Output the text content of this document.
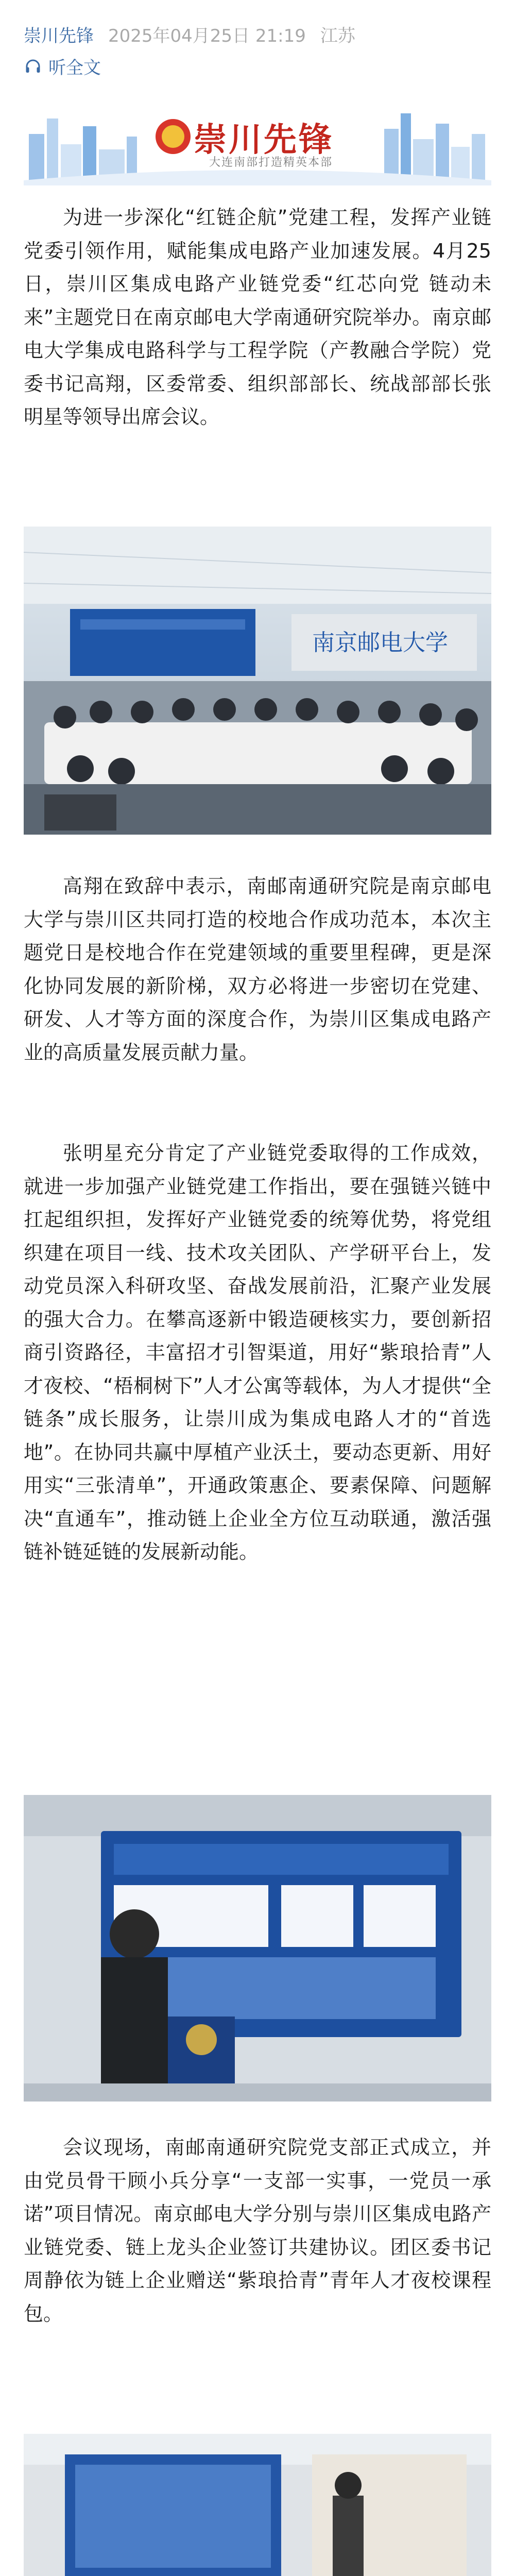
崇川先锋 2025年04月25日 21:19 江苏
听全文
崇川先锋
大连南部打造精英本部
为进一步深化“红链企航”党建工程，发挥产业链党委引领作用，赋能集成电路产业加速发展。4月25日，崇川区集成电路产业链党委“红芯向党 链动未来”主题党日在南京邮电大学南通研究院举办。南京邮电大学集成电路科学与工程学院（产教融合学院）党委书记高翔，区委常委、组织部部长、统战部部长张明星等领导出席会议。
南京邮电大学
高翔在致辞中表示，南邮南通研究院是南京邮电大学与崇川区共同打造的校地合作成功范本，本次主题党日是校地合作在党建领域的重要里程碑，更是深化协同发展的新阶梯，双方必将进一步密切在党建、研发、人才等方面的深度合作，为崇川区集成电路产业的高质量发展贡献力量。
张明星充分肯定了产业链党委取得的工作成效，就进一步加强产业链党建工作指出，要在强链兴链中扛起组织担，发挥好产业链党委的统筹优势，将党组织建在项目一线、技术攻关团队、产学研平台上，发动党员深入科研攻坚、奋战发展前沿，汇聚产业发展的强大合力。在攀高逐新中锻造硬核实力，要创新招商引资路径，丰富招才引智渠道，用好“紫琅拾青”人才夜校、“梧桐树下”人才公寓等载体，为人才提供“全链条”成长服务，让崇川成为集成电路人才的“首选地”。在协同共赢中厚植产业沃土，要动态更新、用好用实“三张清单”，开通政策惠企、要素保障、问题解决“直通车”，推动链上企业全方位互动联通，激活强链补链延链的发展新动能。
会议现场，南邮南通研究院党支部正式成立，并由党员骨干顾小兵分享“一支部一实事，一党员一承诺”项目情况。南京邮电大学分别与崇川区集成电路产业链党委、链上龙头企业签订共建协议。团区委书记周静依为链上企业赠送“紫琅拾青”青年人才夜校课程包。
